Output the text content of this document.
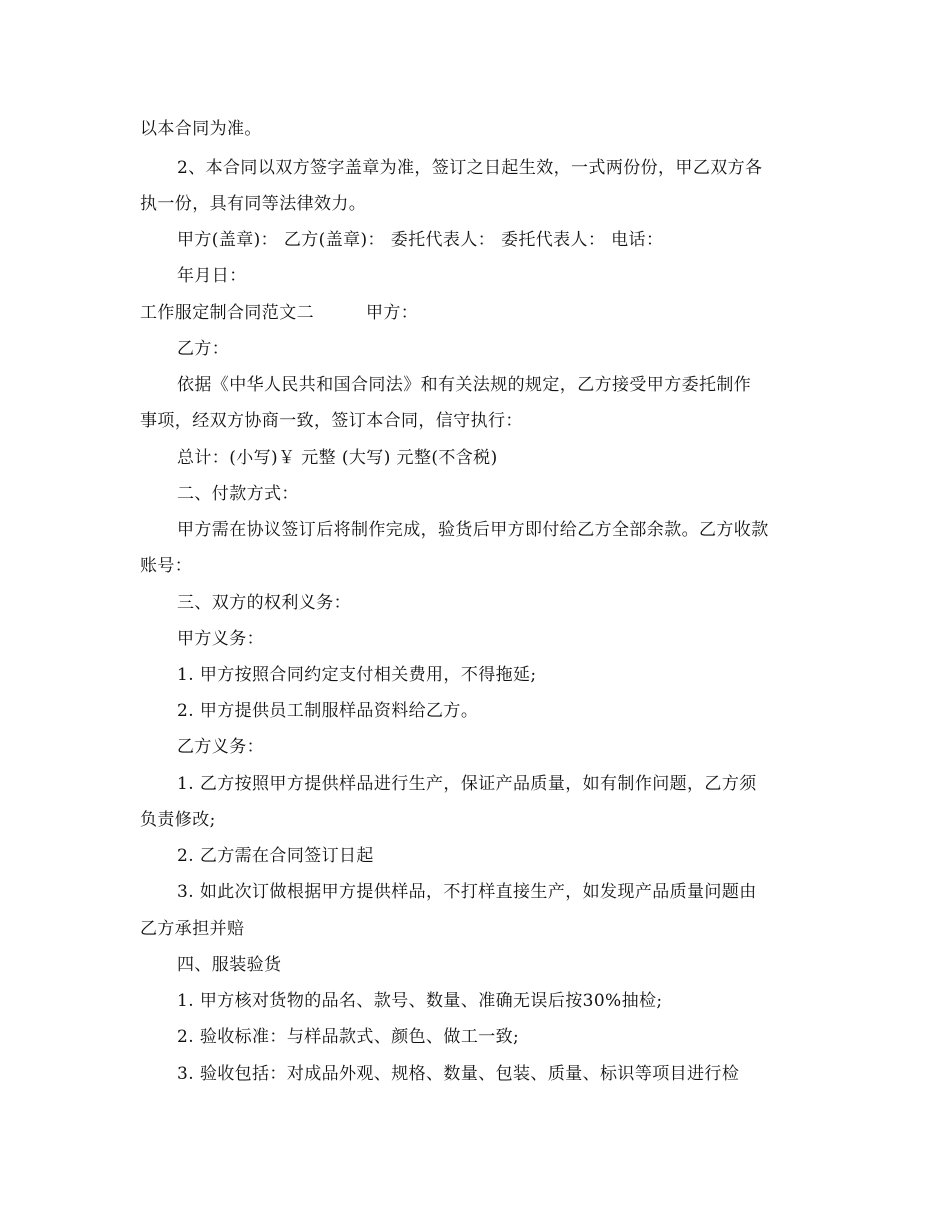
以本合同为准。
2、本合同以双方签字盖章为准，签订之日起生效，一式两份份，甲乙双方各
执一份，具有同等法律效力。
甲方(盖章)： 乙方(盖章)： 委托代表人： 委托代表人： 电话：
年月日：
工作服定制合同范文二	甲方：
乙方：
依据《中华人民共和国合同法》和有关法规的规定，乙方接受甲方委托制作
事项，经双方协商一致，签订本合同，信守执行：
总计：(小写)￥ 元整 (大写) 元整(不含税)
二、付款方式：
甲方需在协议签订后将制作完成，验货后甲方即付给乙方全部余款。乙方收款
账号：
三、双方的权利义务：
甲方义务：
1. 甲方按照合同约定支付相关费用，不得拖延;
2. 甲方提供员工制服样品资料给乙方。
乙方义务：
1. 乙方按照甲方提供样品进行生产，保证产品质量，如有制作问题，乙方须
负责修改;
2. 乙方需在合同签订日起
3. 如此次订做根据甲方提供样品，不打样直接生产，如发现产品质量问题由
乙方承担并赔
四、服装验货
1. 甲方核对货物的品名、款号、数量、准确无误后按30%抽检;
2. 验收标准：与样品款式、颜色、做工一致;
3. 验收包括：对成品外观、规格、数量、包装、质量、标识等项目进行检
